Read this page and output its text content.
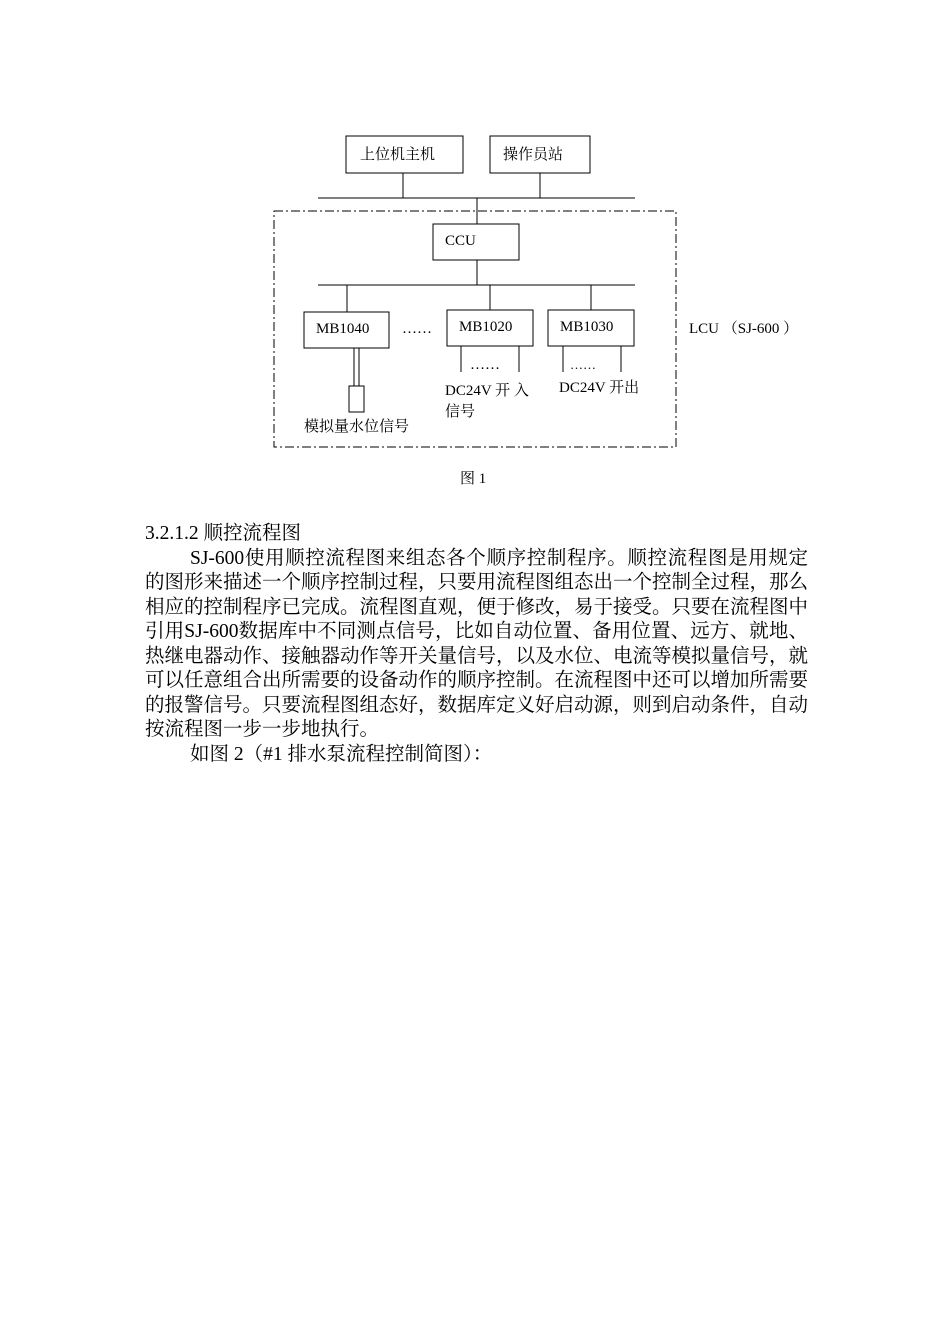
上位机主机	操作员站
CCU
MB1040 …… MB1020	MB1030
模拟量水位信号
……
DC24V 开 入
信号
……
DC24V 开出
LCU （SJ-600 ）
图 1

3.2.1.2 顺控流程图

SJ-600使用顺控流程图来组态各个顺序控制程序。顺控流程图是用规定的图形来描述一个顺序控制过程，只要用流程图组态出一个控制全过程，那么相应的控制程序已完成。流程图直观，便于修改，易于接受。只要在流程图中引用SJ-600数据库中不同测点信号，比如自动位置、备用位置、远方、就地、热继电器动作、接触器动作等开关量信号，以及水位、电流等模拟量信号，就可以任意组合出所需要的设备动作的顺序控制。在流程图中还可以增加所需要的报警信号。只要流程图组态好，数据库定义好启动源，则到启动条件，自动按流程图一步一步地执行。

如图 2（#1 排水泵流程控制简图）：
